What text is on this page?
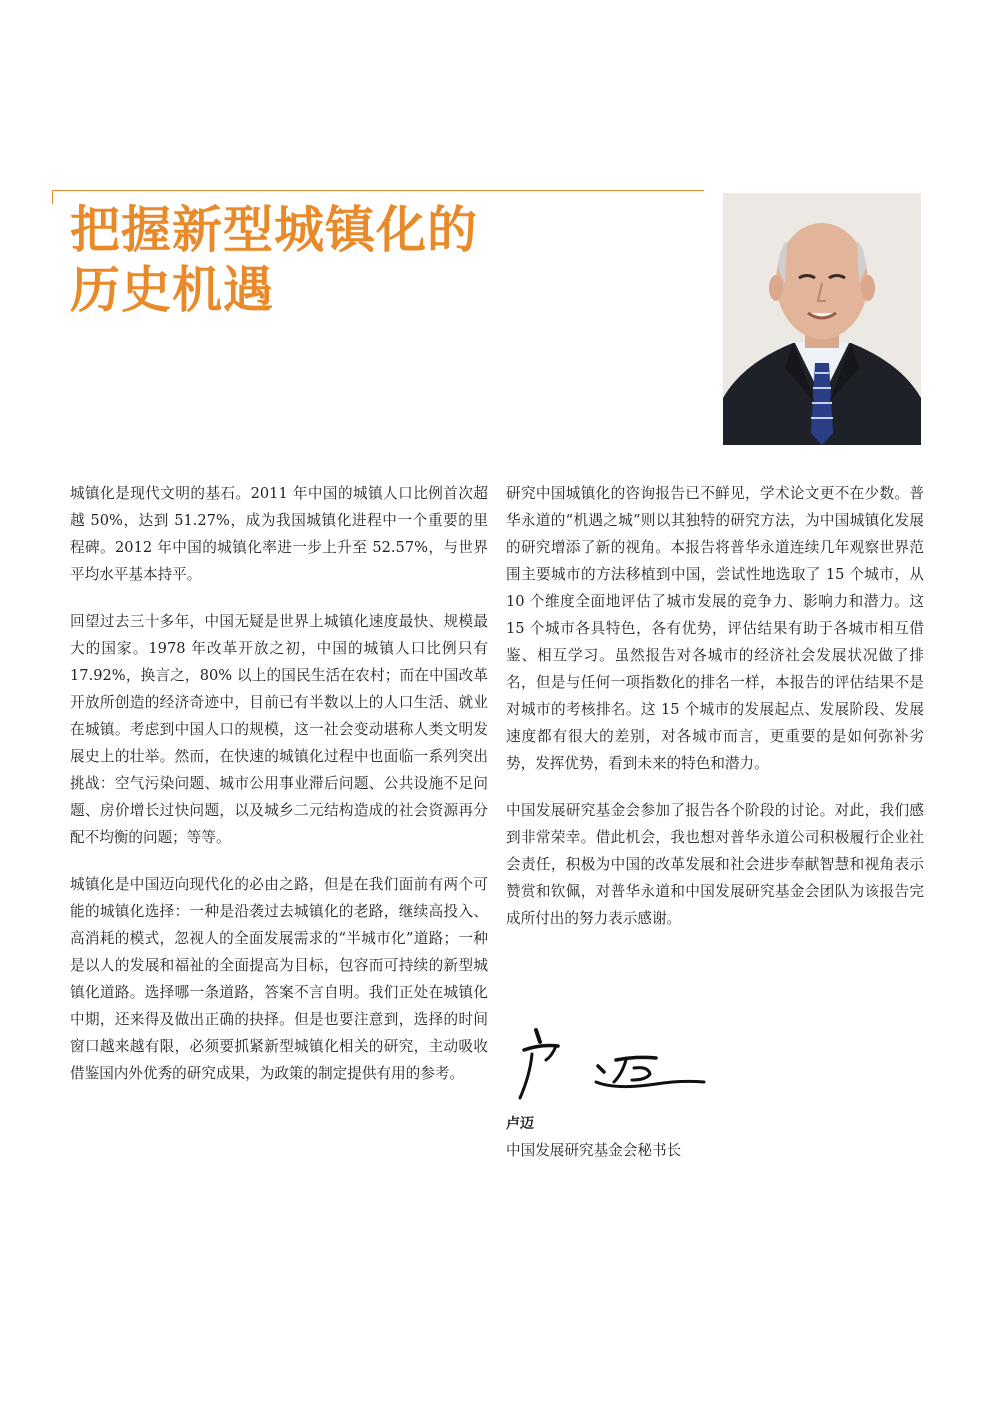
把握新型城镇化的
历史机遇

城镇化是现代文明的基石。2011 年中国的城镇人口比例首次超越 50%，达到 51.27%，成为我国城镇化进程中一个重要的里程碑。2012 年中国的城镇化率进一步上升至 52.57%，与世界平均水平基本持平。

回望过去三十多年，中国无疑是世界上城镇化速度最快、规模最大的国家。1978 年改革开放之初，中国的城镇人口比例只有 17.92%，换言之，80% 以上的国民生活在农村；而在中国改革开放所创造的经济奇迹中，目前已有半数以上的人口生活、就业在城镇。考虑到中国人口的规模，这一社会变动堪称人类文明发展史上的壮举。然而，在快速的城镇化过程中也面临一系列突出挑战：空气污染问题、城市公用事业滞后问题、公共设施不足问题、房价增长过快问题，以及城乡二元结构造成的社会资源再分配不均衡的问题；等等。

城镇化是中国迈向现代化的必由之路，但是在我们面前有两个可能的城镇化选择：一种是沿袭过去城镇化的老路，继续高投入、高消耗的模式，忽视人的全面发展需求的“半城市化”道路；一种是以人的发展和福祉的全面提高为目标，包容而可持续的新型城镇化道路。选择哪一条道路，答案不言自明。我们正处在城镇化中期，还来得及做出正确的抉择。但是也要注意到，选择的时间窗口越来越有限，必须要抓紧新型城镇化相关的研究，主动吸收借鉴国内外优秀的研究成果，为政策的制定提供有用的参考。

研究中国城镇化的咨询报告已不鲜见，学术论文更不在少数。普华永道的“机遇之城”则以其独特的研究方法，为中国城镇化发展的研究增添了新的视角。本报告将普华永道连续几年观察世界范围主要城市的方法移植到中国，尝试性地选取了 15 个城市，从 10 个维度全面地评估了城市发展的竞争力、影响力和潜力。这 15 个城市各具特色，各有优势，评估结果有助于各城市相互借鉴、相互学习。虽然报告对各城市的经济社会发展状况做了排名，但是与任何一项指数化的排名一样，本报告的评估结果不是对城市的考核排名。这 15 个城市的发展起点、发展阶段、发展速度都有很大的差别，对各城市而言，更重要的是如何弥补劣势，发挥优势，看到未来的特色和潜力。

中国发展研究基金会参加了报告各个阶段的讨论。对此，我们感到非常荣幸。借此机会，我也想对普华永道公司积极履行企业社会责任，积极为中国的改革发展和社会进步奉献智慧和视角表示赞赏和钦佩，对普华永道和中国发展研究基金会团队为该报告完成所付出的努力表示感谢。

卢迈
中国发展研究基金会秘书长
